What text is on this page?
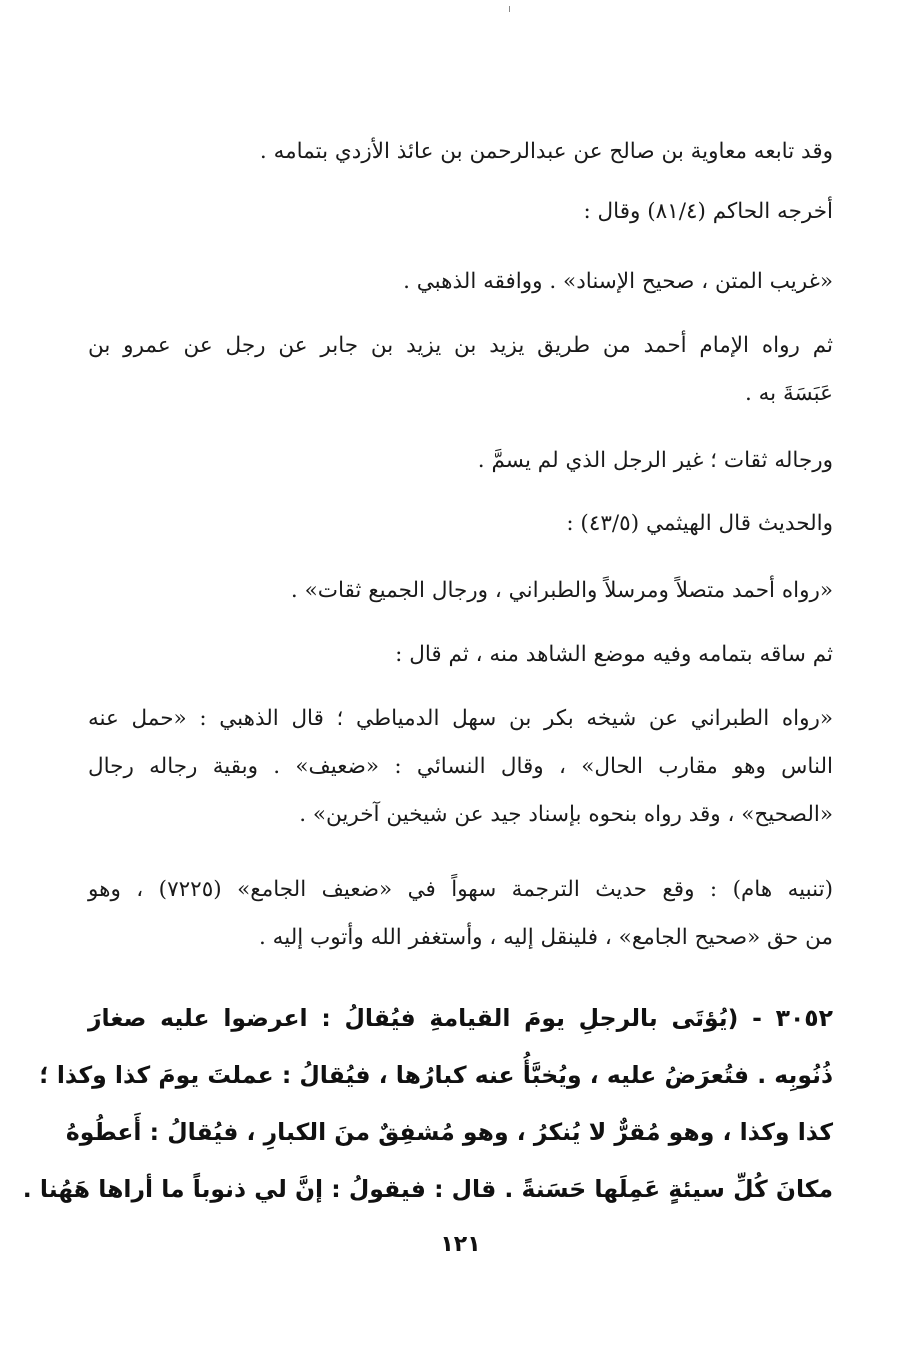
وقد تابعه معاوية بن صالح عن عبدالرحمن بن عائذ الأزدي بتمامه .
أخرجه الحاكم (٨١/٤) وقال :
«غريب المتن ، صحيح الإسناد» . ووافقه الذهبي .
ثم رواه الإمام أحمد من طريق يزيد بن يزيد بن جابر عن رجل عن عمرو بن
عَبَسَةَ به .
ورجاله ثقات ؛ غير الرجل الذي لم يسمَّ .
والحديث قال الهيثمي (٤٣/٥) :
«رواه أحمد متصلاً ومرسلاً والطبراني ، ورجال الجميع ثقات» .
ثم ساقه بتمامه وفيه موضع الشاهد منه ، ثم قال :
«رواه الطبراني عن شيخه بكر بن سهل الدمياطي ؛ قال الذهبي : «حمل عنه
الناس وهو مقارب الحال» ، وقال النسائي : «ضعيف» . وبقية رجاله رجال
«الصحيح» ، وقد رواه بنحوه بإسناد جيد عن شيخين آخرين» .
(تنبيه هام) : وقع حديث الترجمة سهواً في «ضعيف الجامع» (٧٢٢٥) ، وهو
من حق «صحيح الجامع» ، فلينقل إليه ، وأستغفر الله وأتوب إليه .
٣٠٥٢ - (يُؤتَى بالرجلِ يومَ القيامةِ فيُقالُ : اعرضوا عليه صغارَ
ذُنُوبِه . فتُعرَضُ عليه ، ويُخبَّأُ عنه كبارُها ، فيُقالُ : عملتَ يومَ كذا وكذا ؛
كذا وكذا ، وهو مُقرٌّ لا يُنكرُ ، وهو مُشفِقٌ منَ الكبارِ ، فيُقالُ : أَعطُوهُ
مكانَ كُلِّ سيئةٍ عَمِلَها حَسَنةً . قال : فيقولُ : إنَّ لي ذنوباً ما أراها هَهُنا .
١٢١
